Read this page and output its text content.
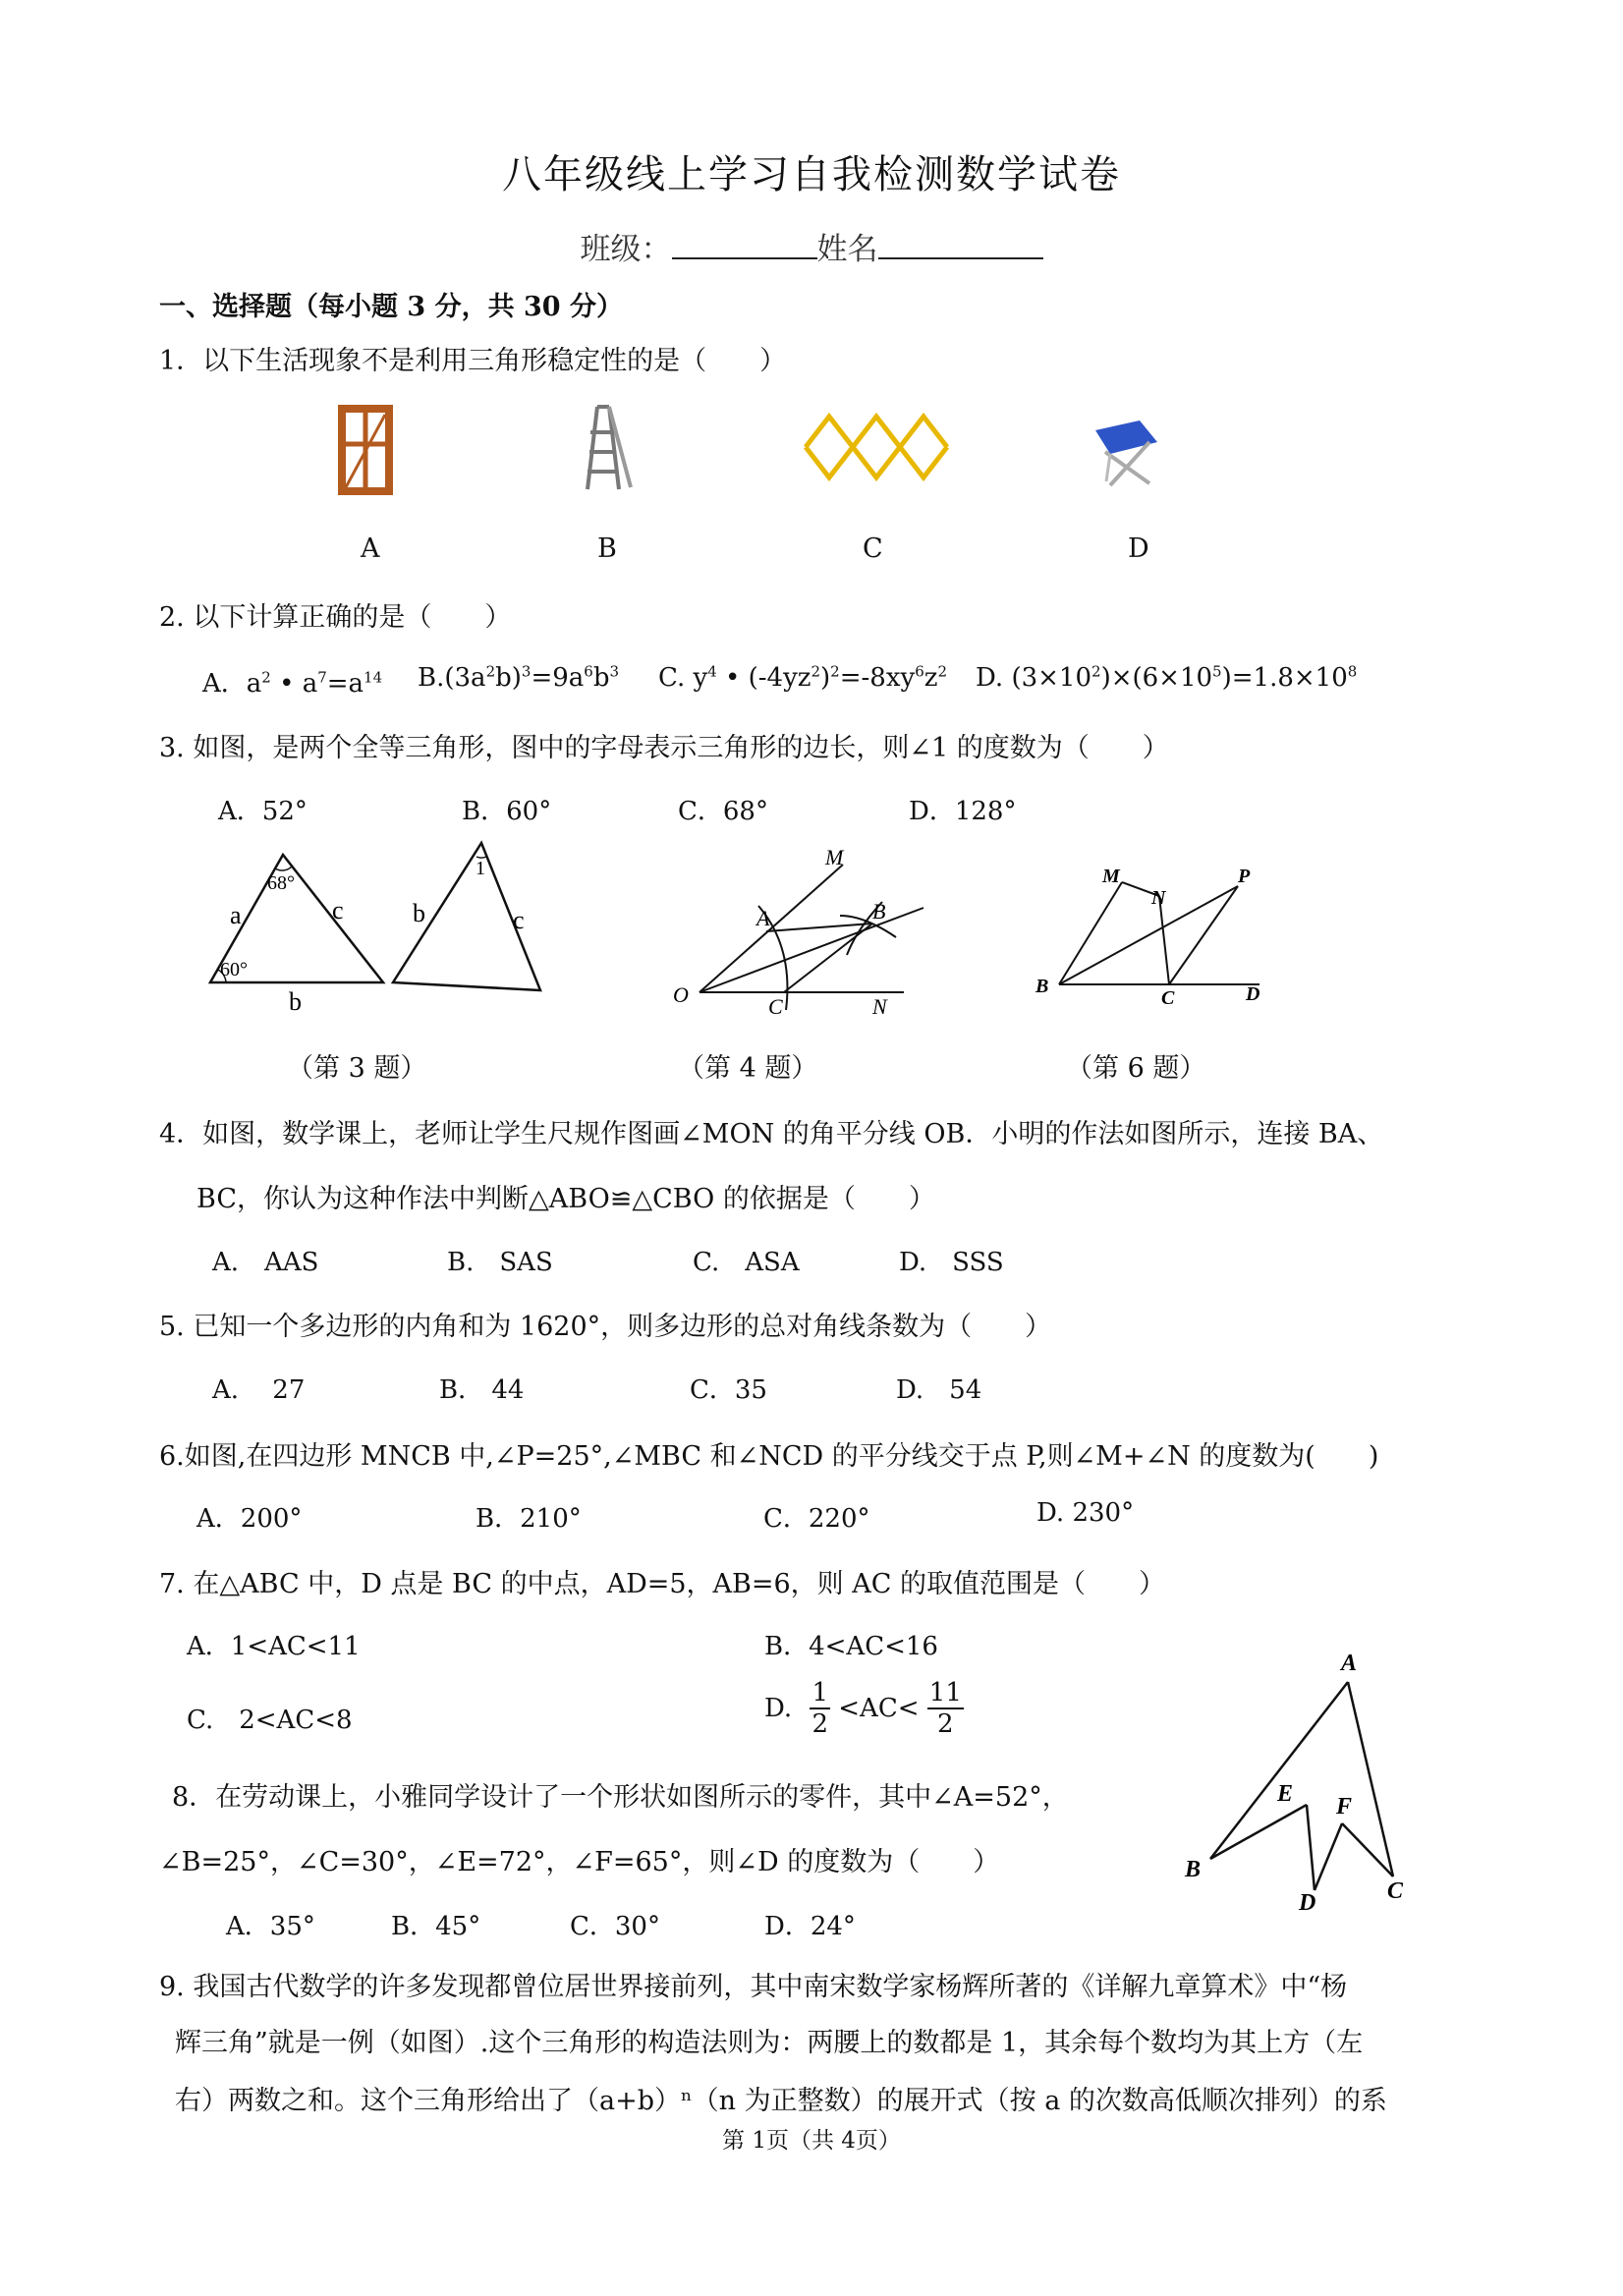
八年级线上学习自我检测数学试卷
班级：	姓名
一、选择题（每小题 3 分，共 30 分）
1．以下生活现象不是利用三角形稳定性的是（　　）
A	B	C	D
2. 以下计算正确的是（　　）
A．$a^2$ • $a^7=a^{14}$ $B.(3a^2b)^3=9a^6b^3$ C. $y^4$ • $(-4yz^2)^2=-8xy^6z^2$ D. $(3\times 10^2)\times(6\times 10^5)=1.8\times 10^8$
3. 如图，是两个全等三角形，图中的字母表示三角形的边长，则∠1 的度数为（　　）
A．52°	B．60°	C．68°	D．128°
68°
60°
a	c
b
b	c
1
（第 3 题）
M
A	B
O	C	N
（第 4 题）
M
N
P
B
C	D
（第 6 题）
4．如图，数学课上，老师让学生尺规作图画∠MON 的角平分线 OB．小明的作法如图所示，连接 BA、
BC，你认为这种作法中判断△ABO≌△CBO 的依据是（　　）
A.　AAS	B.　SAS	C.　ASA	D.　SSS
5. 已知一个多边形的内角和为 1620°，则多边形的总对角线条数为（　　）
A.　 27	B． 44	C．35	D.　54
6.如图,在四边形 MNCB 中,∠P=25°,∠MBC 和∠NCD 的平分线交于点 P,则∠M+∠N 的度数为(　　)
A．200°	B．210°	C．220°	D. 230°
7. 在△ABC 中，D 点是 BC 的中点，AD=5，AB=6，则 AC 的取值范围是（　　）
A．1<AC<11	B．4<AC<16
C.　2<AC<8	D. $\frac{1}{2} <AC< \frac{11}{2}$
A
E F
B
D	C
8．在劳动课上，小雅同学设计了一个形状如图所示的零件，其中∠A=52°，
∠B=25°，∠C=30°，∠E=72°，∠F=65°，则∠D 的度数为（　　）
A．35°	B．45°	C．30°	D．24°
9. 我国古代数学的许多发现都曾位居世界接前列，其中南宋数学家杨辉所著的《详解九章算术》中“杨
辉三角”就是一例（如图）.这个三角形的构造法则为：两腰上的数都是 1，其余每个数均为其上方（左
右）两数之和。这个三角形给出了（a+b）ⁿ（n 为正整数）的展开式（按 a 的次数高低顺次排列）的系
第 1页（共 4页）
